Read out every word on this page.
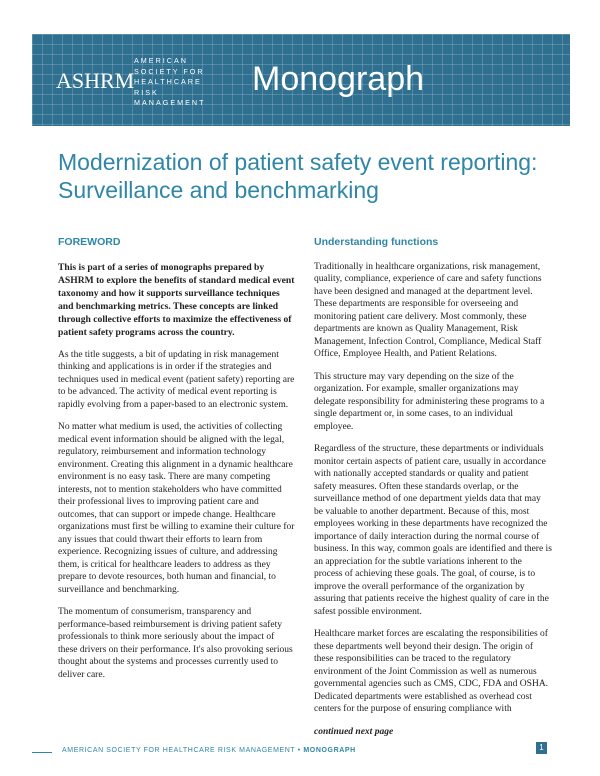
ASHRM
AMERICAN
SOCIETY FOR
HEALTHCARE
RISK
MANAGEMENT
Monograph
Modernization of patient safety event reporting: Surveillance and benchmarking
FOREWORD

This is part of a series of monographs prepared by ASHRM to explore the benefits of standard medical event taxonomy and how it supports surveillance techniques and benchmarking metrics. These concepts are linked through collective efforts to maximize the effectiveness of patient safety programs across the country.

As the title suggests, a bit of updating in risk management thinking and applications is in order if the strategies and techniques used in medical event (patient safety) reporting are to be advanced. The activity of medical event reporting is rapidly evolving from a paper-based to an electronic system.

No matter what medium is used, the activities of collecting medical event information should be aligned with the legal, regulatory, reimbursement and information technology environment. Creating this alignment in a dynamic healthcare environment is no easy task. There are many competing interests, not to mention stakeholders who have committed their professional lives to improving patient care and outcomes, that can support or impede change. Healthcare organizations must first be willing to examine their culture for any issues that could thwart their efforts to learn from experience. Recognizing issues of culture, and addressing them, is critical for healthcare leaders to address as they prepare to devote resources, both human and financial, to surveillance and benchmarking.

The momentum of consumerism, transparency and performance-based reimbursement is driving patient safety professionals to think more seriously about the impact of these drivers on their performance. It's also provoking serious thought about the systems and processes currently used to deliver care.

Understanding functions

Traditionally in healthcare organizations, risk management, quality, compliance, experience of care and safety functions have been designed and managed at the department level. These departments are responsible for overseeing and monitoring patient care delivery. Most commonly, these departments are known as Quality Management, Risk Management, Infection Control, Compliance, Medical Staff Office, Employee Health, and Patient Relations.

This structure may vary depending on the size of the organization. For example, smaller organizations may delegate responsibility for administering these programs to a single department or, in some cases, to an individual employee.

Regardless of the structure, these departments or individuals monitor certain aspects of patient care, usually in accordance with nationally accepted standards or quality and patient safety measures. Often these standards overlap, or the surveillance method of one department yields data that may be valuable to another department. Because of this, most employees working in these departments have recognized the importance of daily interaction during the normal course of business. In this way, common goals are identified and there is an appreciation for the subtle variations inherent to the process of achieving these goals. The goal, of course, is to improve the overall performance of the organization by assuring that patients receive the highest quality of care in the safest possible environment.

Healthcare market forces are escalating the responsibilities of these departments well beyond their design. The origin of these responsibilities can be traced to the regulatory environment of the Joint Commission as well as numerous governmental agencies such as CMS, CDC, FDA and OSHA. Dedicated departments were established as overhead cost centers for the purpose of ensuring compliance with

continued next page
AMERICAN SOCIETY FOR HEALTHCARE RISK MANAGEMENT • MONOGRAPH	1
